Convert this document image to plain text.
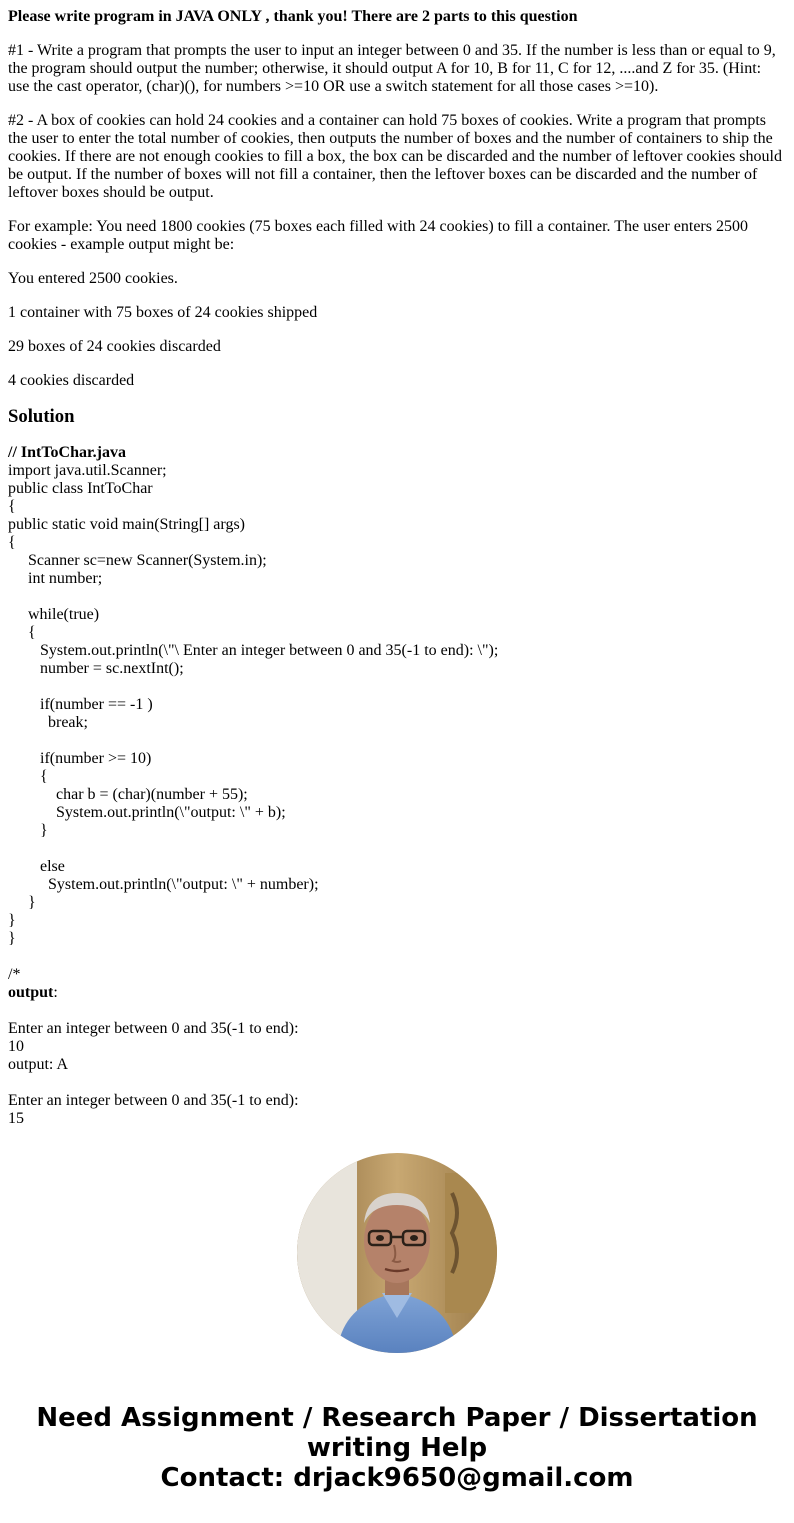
Please write program in JAVA ONLY , thank you! There are 2 parts to this question

#1 - Write a program that prompts the user to input an integer between 0 and 35. If the number is less than or equal to 9, the program should output the number; otherwise, it should output A for 10, B for 11, C for 12, ....and Z for 35. (Hint: use the cast operator, (char)(), for numbers >=10 OR use a switch statement for all those cases >=10).

#2 - A box of cookies can hold 24 cookies and a container can hold 75 boxes of cookies. Write a program that prompts the user to enter the total number of cookies, then outputs the number of boxes and the number of containers to ship the cookies. If there are not enough cookies to fill a box, the box can be discarded and the number of leftover cookies should be output. If the number of boxes will not fill a container, then the leftover boxes can be discarded and the number of leftover boxes should be output.

For example: You need 1800 cookies (75 boxes each filled with 24 cookies) to fill a container. The user enters 2500 cookies - example output might be:

You entered 2500 cookies.

1 container with 75 boxes of 24 cookies shipped

29 boxes of 24 cookies discarded

4 cookies discarded

Solution
// IntToChar.java
import java.util.Scanner;
public class IntToChar
{
public static void main(String[] args)
{
Scanner sc=new Scanner(System.in);
int number;
while(true)
{
System.out.println(\"\ Enter an integer between 0 and 35(-1 to end): \");
number = sc.nextInt();
if(number == -1 )
break;
if(number >= 10)
{
char b = (char)(number + 55);
System.out.println(\"output: \" + b);
}
else
System.out.println(\"output: \" + number);
}
}
}
/*
output:
Enter an integer between 0 and 35(-1 to end):
10
output: A
Enter an integer between 0 and 35(-1 to end):
15
Need Assignment / Research Paper / Dissertation
writing Help
Contact: drjack9650@gmail.com
